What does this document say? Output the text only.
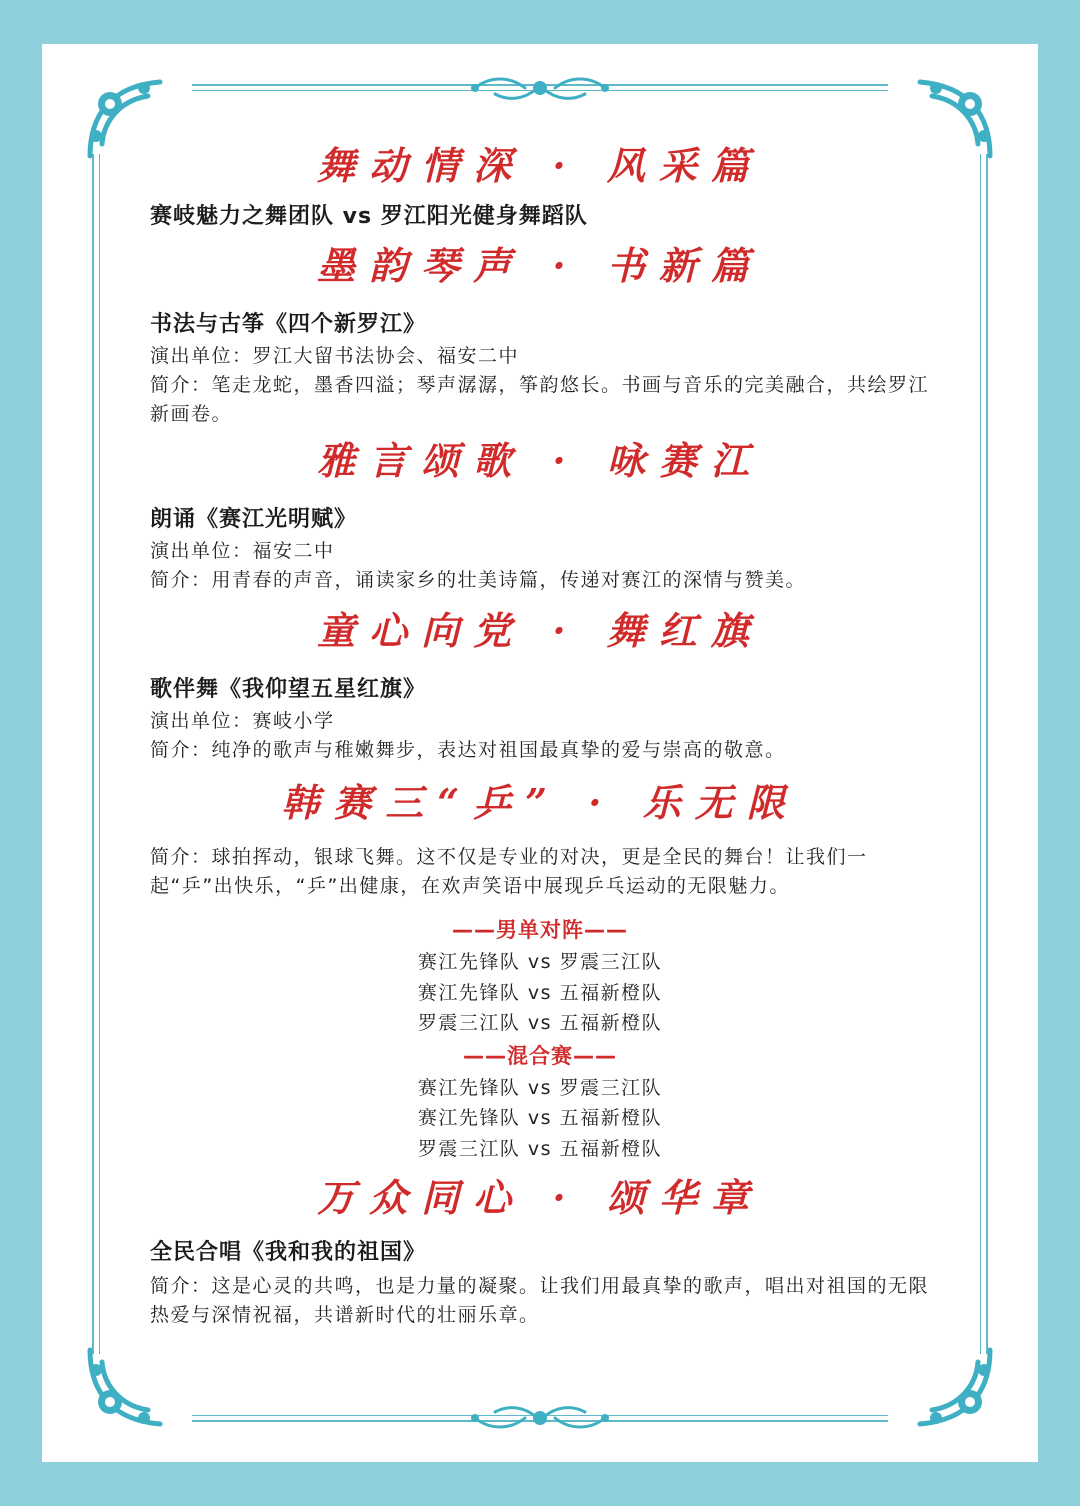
舞动情深 · 风采篇
赛岐魅力之舞团队 vs 罗江阳光健身舞蹈队
墨韵琴声 · 书新篇
书法与古筝《四个新罗江》
演出单位：罗江大留书法协会、福安二中
简介：笔走龙蛇，墨香四溢；琴声潺潺，筝韵悠长。书画与音乐的完美融合，共绘罗江新画卷。
雅言颂歌 · 咏赛江
朗诵《赛江光明赋》
演出单位：福安二中
简介：用青春的声音，诵读家乡的壮美诗篇，传递对赛江的深情与赞美。
童心向党 · 舞红旗
歌伴舞《我仰望五星红旗》
演出单位：赛岐小学
简介：纯净的歌声与稚嫩舞步，表达对祖国最真挚的爱与崇高的敬意。
韩赛三“乒” · 乐无限
简介：球拍挥动，银球飞舞。这不仅是专业的对决，更是全民的舞台！让我们一起“乒”出快乐，“乒”出健康，在欢声笑语中展现乒乓运动的无限魅力。
——男单对阵——
赛江先锋队 vs 罗震三江队
赛江先锋队 vs 五福新橙队
罗震三江队 vs 五福新橙队
——混合赛——
赛江先锋队 vs 罗震三江队
赛江先锋队 vs 五福新橙队
罗震三江队 vs 五福新橙队
万众同心 · 颂华章
全民合唱《我和我的祖国》
简介：这是心灵的共鸣，也是力量的凝聚。让我们用最真挚的歌声，唱出对祖国的无限热爱与深情祝福，共谱新时代的壮丽乐章。
